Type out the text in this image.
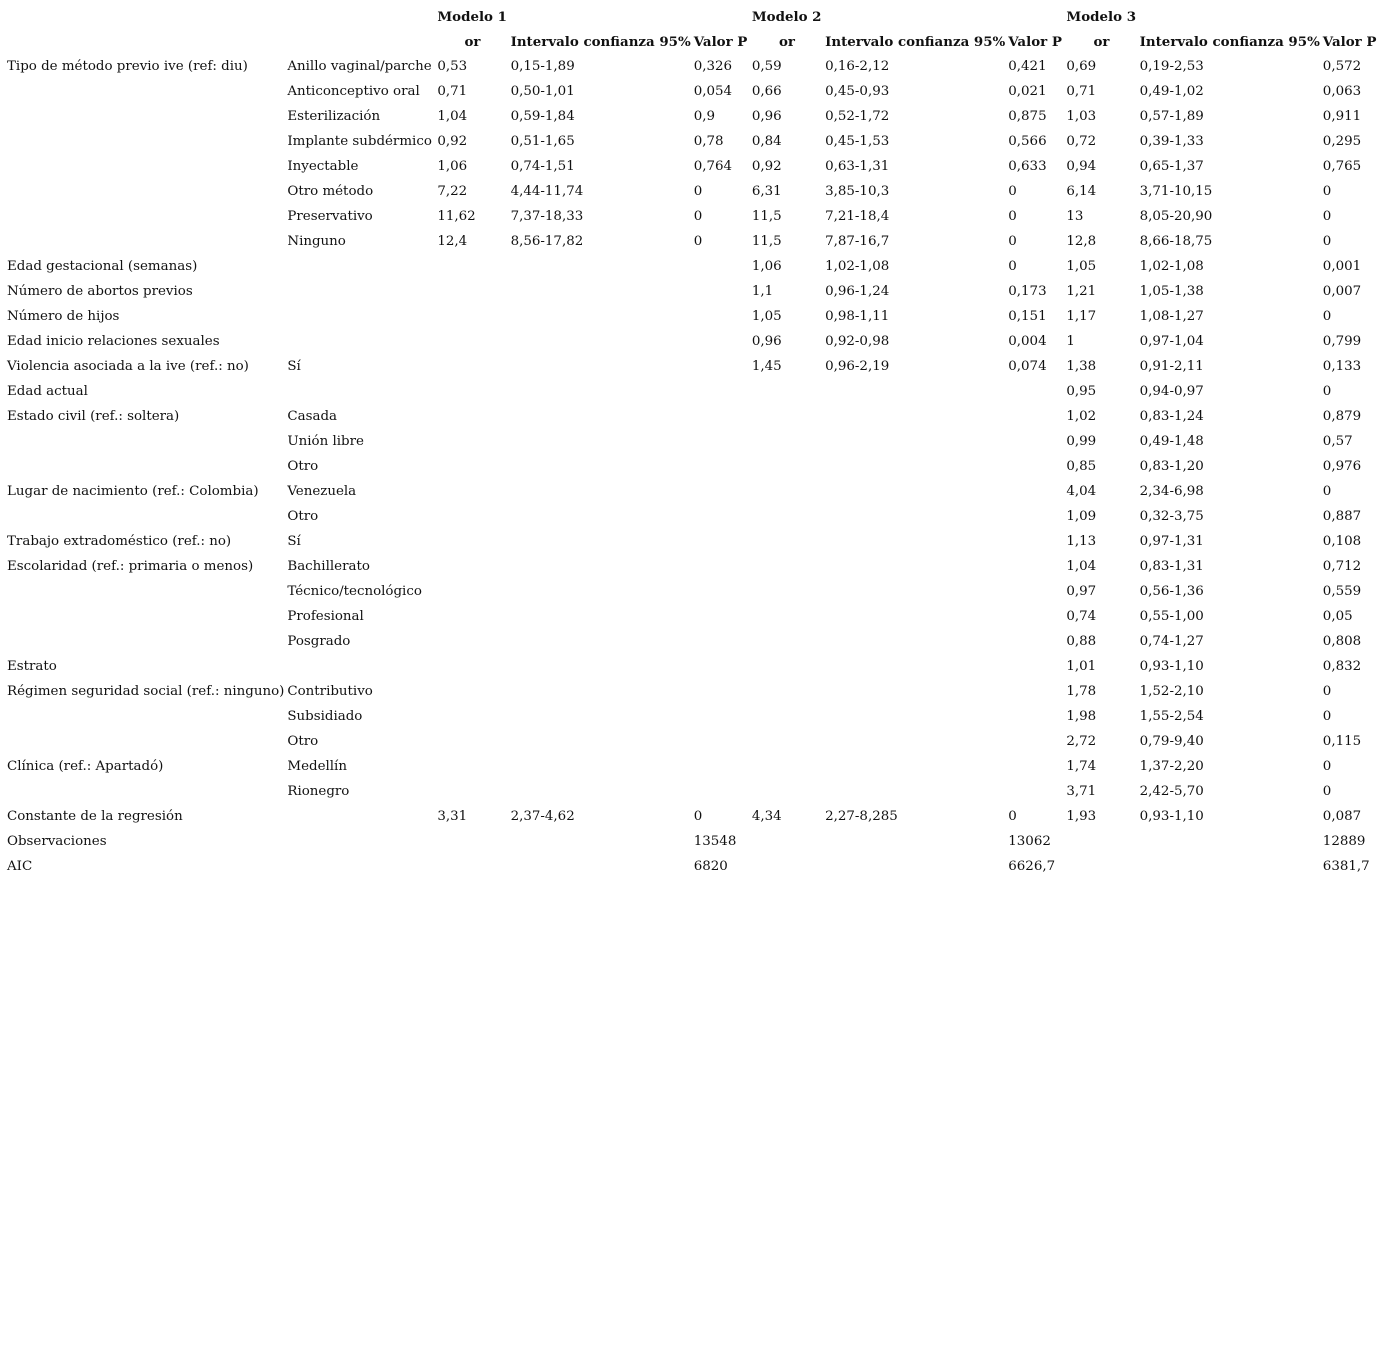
		Modelo 1			Modelo 2			Modelo 3		
		or	Intervalo confianza 95%	Valor P	or	Intervalo confianza 95%	Valor P	or	Intervalo confianza 95%	Valor P
Tipo de método previo ive (ref: diu)	Anillo vaginal/parche	0,53	0,15-1,89	0,326	0,59	0,16-2,12	0,421	0,69	0,19-2,53	0,572
	Anticonceptivo oral	0,71	0,50-1,01	0,054	0,66	0,45-0,93	0,021	0,71	0,49-1,02	0,063
	Esterilización	1,04	0,59-1,84	0,9	0,96	0,52-1,72	0,875	1,03	0,57-1,89	0,911
	Implante subdérmico	0,92	0,51-1,65	0,78	0,84	0,45-1,53	0,566	0,72	0,39-1,33	0,295
	Inyectable	1,06	0,74-1,51	0,764	0,92	0,63-1,31	0,633	0,94	0,65-1,37	0,765
	Otro método	7,22	4,44-11,74	0	6,31	3,85-10,3	0	6,14	3,71-10,15	0
	Preservativo	11,62	7,37-18,33	0	11,5	7,21-18,4	0	13	8,05-20,90	0
	Ninguno	12,4	8,56-17,82	0	11,5	7,87-16,7	0	12,8	8,66-18,75	0
Edad gestacional (semanas)					1,06	1,02-1,08	0	1,05	1,02-1,08	0,001
Número de abortos previos					1,1	0,96-1,24	0,173	1,21	1,05-1,38	0,007
Número de hijos					1,05	0,98-1,11	0,151	1,17	1,08-1,27	0
Edad inicio relaciones sexuales					0,96	0,92-0,98	0,004	1	0,97-1,04	0,799
Violencia asociada a la ive (ref.: no)	Sí				1,45	0,96-2,19	0,074	1,38	0,91-2,11	0,133
Edad actual								0,95	0,94-0,97	0
Estado civil (ref.: soltera)	Casada							1,02	0,83-1,24	0,879
	Unión libre							0,99	0,49-1,48	0,57
	Otro							0,85	0,83-1,20	0,976
Lugar de nacimiento (ref.: Colombia)	Venezuela							4,04	2,34-6,98	0
	Otro							1,09	0,32-3,75	0,887
Trabajo extradoméstico (ref.: no)	Sí							1,13	0,97-1,31	0,108
Escolaridad (ref.: primaria o menos)	Bachillerato							1,04	0,83-1,31	0,712
	Técnico/tecnológico							0,97	0,56-1,36	0,559
	Profesional							0,74	0,55-1,00	0,05
	Posgrado							0,88	0,74-1,27	0,808
Estrato								1,01	0,93-1,10	0,832
Régimen seguridad social (ref.: ninguno)	Contributivo							1,78	1,52-2,10	0
	Subsidiado							1,98	1,55-2,54	0
	Otro							2,72	0,79-9,40	0,115
Clínica (ref.: Apartadó)	Medellín							1,74	1,37-2,20	0
	Rionegro							3,71	2,42-5,70	0
Constante de la regresión		3,31	2,37-4,62	0	4,34	2,27-8,285	0	1,93	0,93-1,10	0,087
Observaciones				13548			13062			12889
AIC				6820			6626,7			6381,7
